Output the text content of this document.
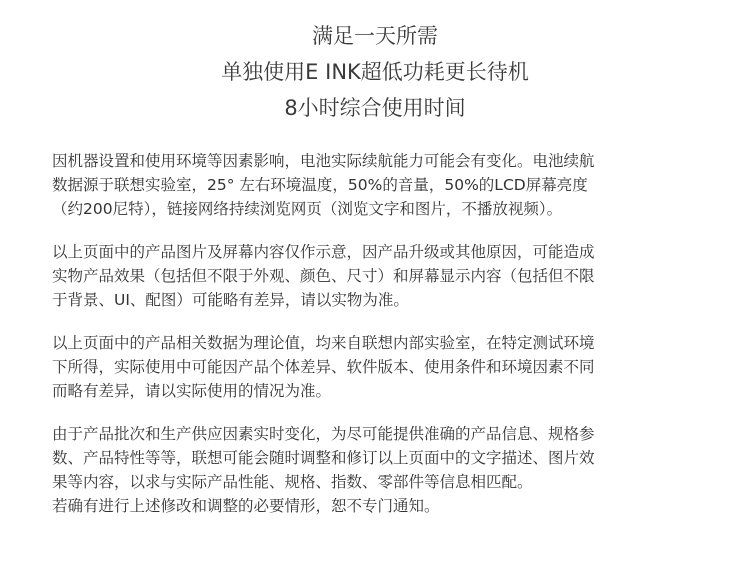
满足一天所需
单独使用E INK超低功耗更长待机
8小时综合使用时间

因机器设置和使用环境等因素影响，电池实际续航能力可能会有变化。电池续航
数据源于联想实验室，25° 左右环境温度，50%的音量，50%的LCD屏幕亮度
（约200尼特），链接网络持续浏览网页（浏览文字和图片，不播放视频）。

以上页面中的产品图片及屏幕内容仅作示意，因产品升级或其他原因，可能造成
实物产品效果（包括但不限于外观、颜色、尺寸）和屏幕显示内容（包括但不限
于背景、UI、配图）可能略有差异，请以实物为准。

以上页面中的产品相关数据为理论值，均来自联想内部实验室，在特定测试环境
下所得，实际使用中可能因产品个体差异、软件版本、使用条件和环境因素不同
而略有差异，请以实际使用的情况为准。

由于产品批次和生产供应因素实时变化，为尽可能提供准确的产品信息、规格参
数、产品特性等等，联想可能会随时调整和修订以上页面中的文字描述、图片效
果等内容，以求与实际产品性能、规格、指数、零部件等信息相匹配。
若确有进行上述修改和调整的必要情形，恕不专门通知。
